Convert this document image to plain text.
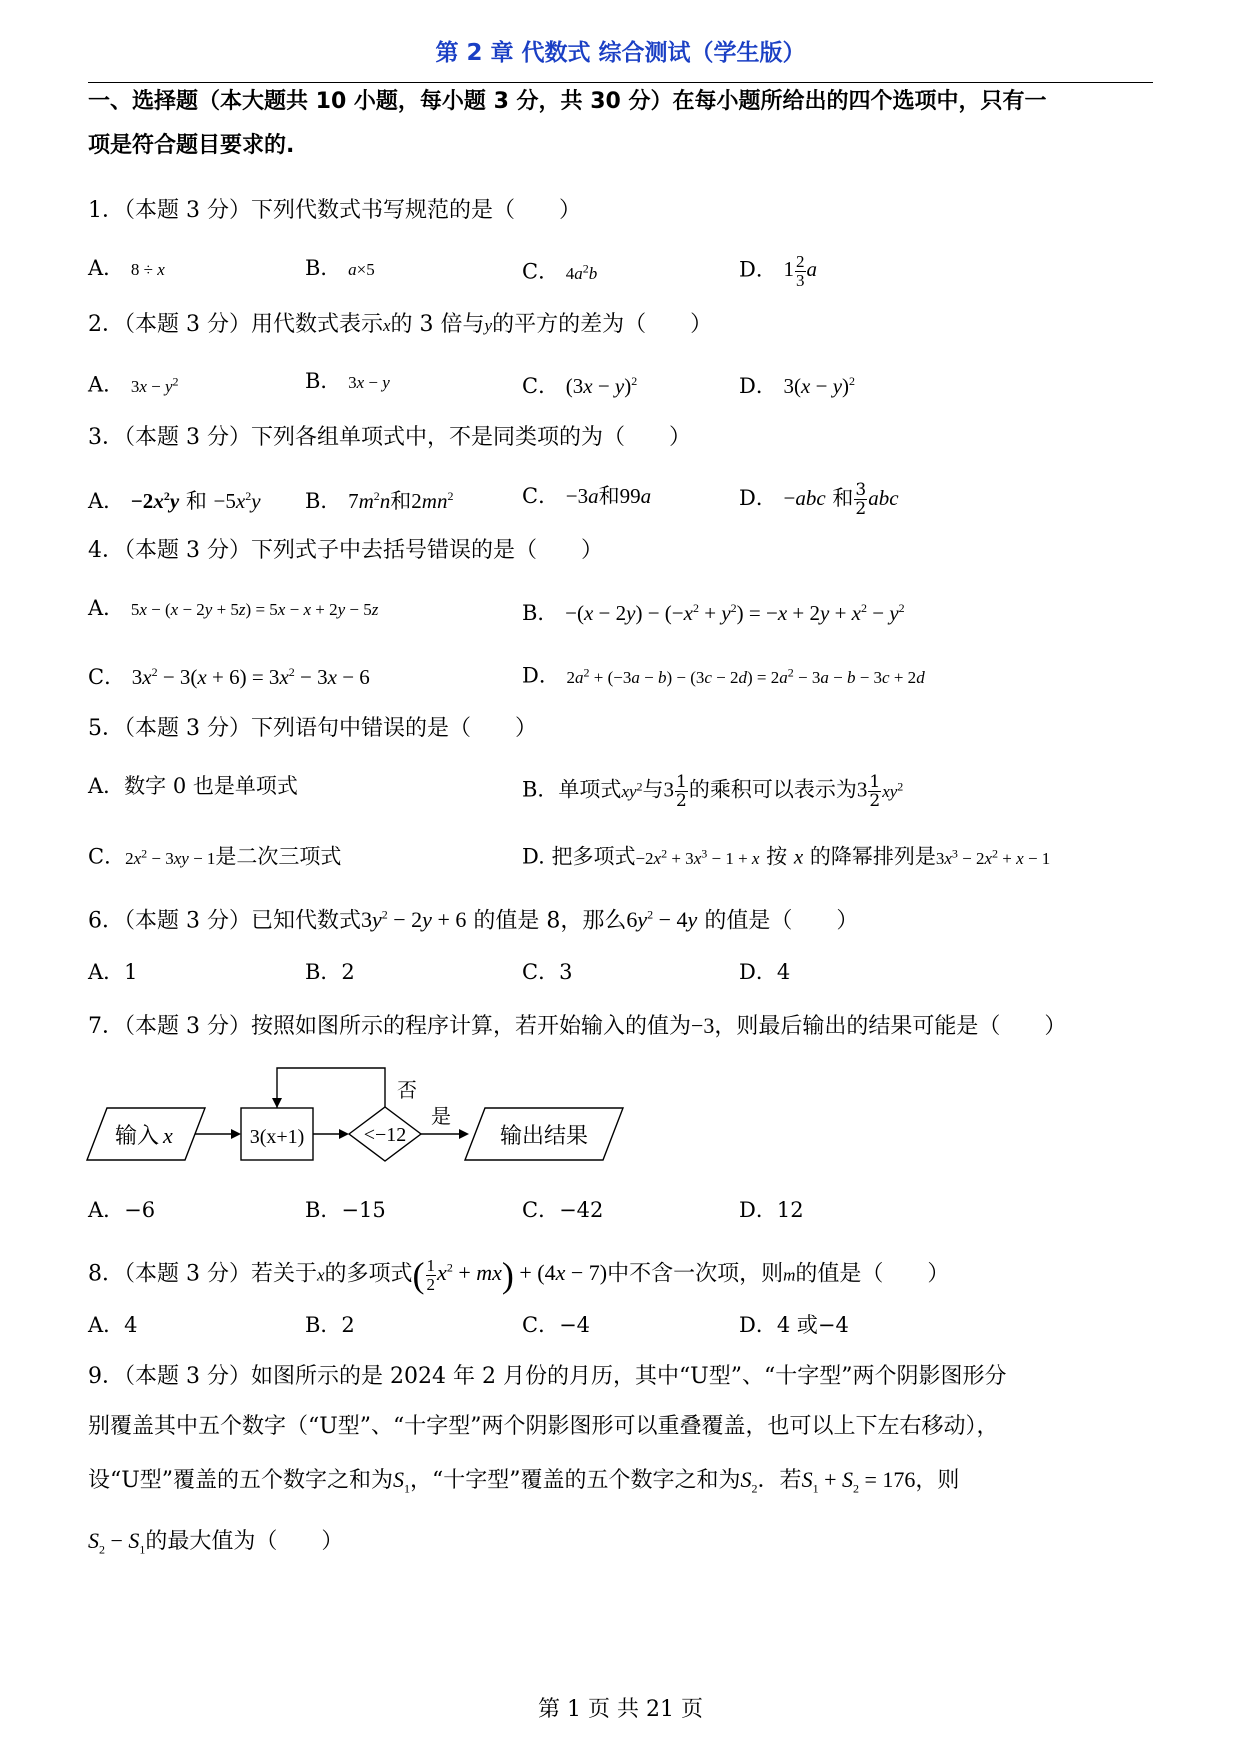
第 2 章 代数式 综合测试（学生版）
一、选择题（本大题共 10 小题，每小题 3 分，共 30 分）在每小题所给出的四个选项中，只有一
项是符合题目要求的.
1．（本题 3 分）下列代数式书写规范的是（　　）
A． 8 ÷ x	B． a×5	C． $4a^2b$	D． $1 \frac{2}{3}$ a
2．（本题 3 分）用代数式表示x的 3 倍与y的平方的差为（　　）
A． $3x - y^2$	B． 3x − y	C． $(3x - y)^2$	D． $3(x - y)^2$
3．（本题 3 分）下列各组单项式中，不是同类项的为（　　）
A． $-2x^2y$ 和 $-5x^2y$ B． $7m^2n$和$2mn^2$	C． −3a和99a	D． −abc 和 $\frac{3}{2}$ abc
4．（本题 3 分）下列式子中去括号错误的是（　　）
A． 5x − (x − 2y + 5z) = 5x − x + 2y − 5z	B． $-(x - 2y) - (-x^2 + y^2) = -x + 2y + x^2 - y^2$
C． $3x^2 - 3(x + 6) = 3x^2 - 3x - 6$	D． $2a^2 + (-3a - b) - (3c - 2d) = 2a^2 - 3a - b - 3c + 2d$
5．（本题 3 分）下列语句中错误的是（　　）
A．数字 0 也是单项式	B．单项式$xy^2$与$3 \frac{1}{2}$ 的乘积可以表示为$3 \frac{1}{2} xy^2$
C．$2x^2 - 3xy - 1$是二次三项式	D. 把多项式$-2x^2 + 3x^3 - 1 + x$ 按 x 的降幂排列是$3x^3 - 2x^2 + x - 1$
6．（本题 3 分）已知代数式$3y^2 - 2y + 6$ 的值是 8，那么$6y^2 - 4y$ 的值是（　　）
A．1	B．2	C．3	D．4
7．（本题 3 分）按照如图所示的程序计算，若开始输入的值为−3，则最后输出的结果可能是（　　）
输入 x	3(x+1)	<−12
否
是
输出结果
A．−6	B．−15	C．−42	D．12
8．（本题 3 分）若关于x的多项式( $\frac{1}{2} x^2 + mx) + (4x - 7)$中不含一次项，则m的值是（　　）
A．4	B．2	C．−4	D．4 或−4
9．（本题 3 分）如图所示的是 2024 年 2 月份的月历，其中“U型”、“十字型”两个阴影图形分
别覆盖其中五个数字（“U型”、“十字型”两个阴影图形可以重叠覆盖，也可以上下左右移动），
设“U型”覆盖的五个数字之和为$S_1$，“十字型”覆盖的五个数字之和为$S_2$．若$S_1 + S_2 = 176$，则
$S_2 - S_1$的最大值为（　　）
第 1 页 共 21 页
